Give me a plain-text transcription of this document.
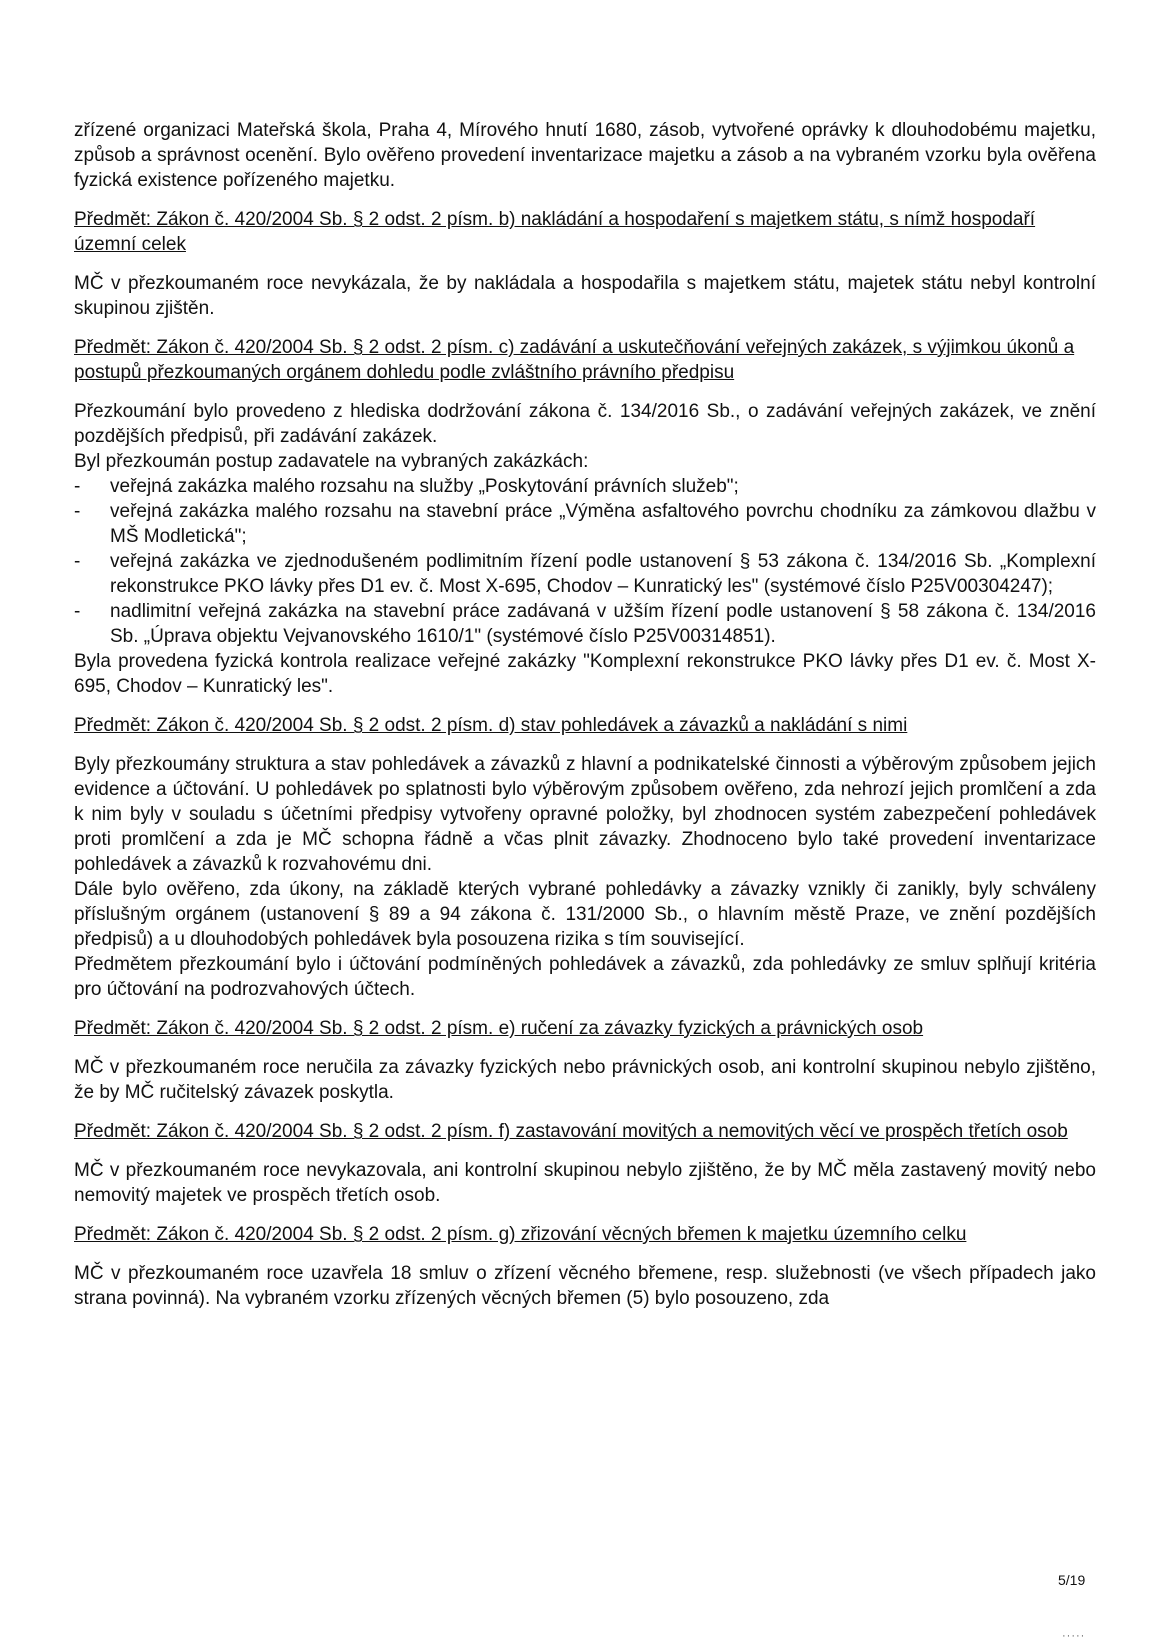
zřízené organizaci Mateřská škola, Praha 4, Mírového hnutí 1680, zásob, vytvořené oprávky k dlouhodobému majetku, způsob a správnost ocenění. Bylo ověřeno provedení inventarizace majetku a zásob a na vybraném vzorku byla ověřena fyzická existence pořízeného majetku.

Předmět: Zákon č. 420/2004 Sb. § 2 odst. 2 písm. b) nakládání a hospodaření s majetkem státu, s nímž hospodaří územní celek

MČ v přezkoumaném roce nevykázala, že by nakládala a hospodařila s majetkem státu, majetek státu nebyl kontrolní skupinou zjištěn.

Předmět: Zákon č. 420/2004 Sb. § 2 odst. 2 písm. c) zadávání a uskutečňování veřejných zakázek, s výjimkou úkonů a postupů přezkoumaných orgánem dohledu podle zvláštního právního předpisu

Přezkoumání bylo provedeno z hlediska dodržování zákona č. 134/2016 Sb., o zadávání veřejných zakázek, ve znění pozdějších předpisů, při zadávání zakázek.

Byl přezkoumán postup zadavatele na vybraných zakázkách:

- veřejná zakázka malého rozsahu na služby „Poskytování právních služeb";
- veřejná zakázka malého rozsahu na stavební práce „Výměna asfaltového povrchu chodníku za zámkovou dlažbu v MŠ Modletická";
- veřejná zakázka ve zjednodušeném podlimitním řízení podle ustanovení § 53 zákona č. 134/2016 Sb. „Komplexní rekonstrukce PKO lávky přes D1 ev. č. Most X-695, Chodov – Kunratický les" (systémové číslo P25V00304247);
- nadlimitní veřejná zakázka na stavební práce zadávaná v užším řízení podle ustanovení § 58 zákona č. 134/2016 Sb. „Úprava objektu Vejvanovského 1610/1" (systémové číslo P25V00314851).

Byla provedena fyzická kontrola realizace veřejné zakázky "Komplexní rekonstrukce PKO lávky přes D1 ev. č. Most X-695, Chodov – Kunratický les".

Předmět: Zákon č. 420/2004 Sb. § 2 odst. 2 písm. d) stav pohledávek a závazků a nakládání s nimi

Byly přezkoumány struktura a stav pohledávek a závazků z hlavní a podnikatelské činnosti a výběrovým způsobem jejich evidence a účtování. U pohledávek po splatnosti bylo výběrovým způsobem ověřeno, zda nehrozí jejich promlčení a zda k nim byly v souladu s účetními předpisy vytvořeny opravné položky, byl zhodnocen systém zabezpečení pohledávek proti promlčení a zda je MČ schopna řádně a včas plnit závazky. Zhodnoceno bylo také provedení inventarizace pohledávek a závazků k rozvahovému dni.

Dále bylo ověřeno, zda úkony, na základě kterých vybrané pohledávky a závazky vznikly či zanikly, byly schváleny příslušným orgánem (ustanovení § 89 a 94 zákona č. 131/2000 Sb., o hlavním městě Praze, ve znění pozdějších předpisů) a u dlouhodobých pohledávek byla posouzena rizika s tím související.

Předmětem přezkoumání bylo i účtování podmíněných pohledávek a závazků, zda pohledávky ze smluv splňují kritéria pro účtování na podrozvahových účtech.

Předmět: Zákon č. 420/2004 Sb. § 2 odst. 2 písm. e) ručení za závazky fyzických a právnických osob

MČ v přezkoumaném roce neručila za závazky fyzických nebo právnických osob, ani kontrolní skupinou nebylo zjištěno, že by MČ ručitelský závazek poskytla.

Předmět: Zákon č. 420/2004 Sb. § 2 odst. 2 písm. f) zastavování movitých a nemovitých věcí ve prospěch třetích osob

MČ v přezkoumaném roce nevykazovala, ani kontrolní skupinou nebylo zjištěno, že by MČ měla zastavený movitý nebo nemovitý majetek ve prospěch třetích osob.

Předmět: Zákon č. 420/2004 Sb. § 2 odst. 2 písm. g) zřizování věcných břemen k majetku územního celku

MČ v přezkoumaném roce uzavřela 18 smluv o zřízení věcného břemene, resp. služebnosti (ve všech případech jako strana povinná). Na vybraném vzorku zřízených věcných břemen (5) bylo posouzeno, zda

5/19
·····
